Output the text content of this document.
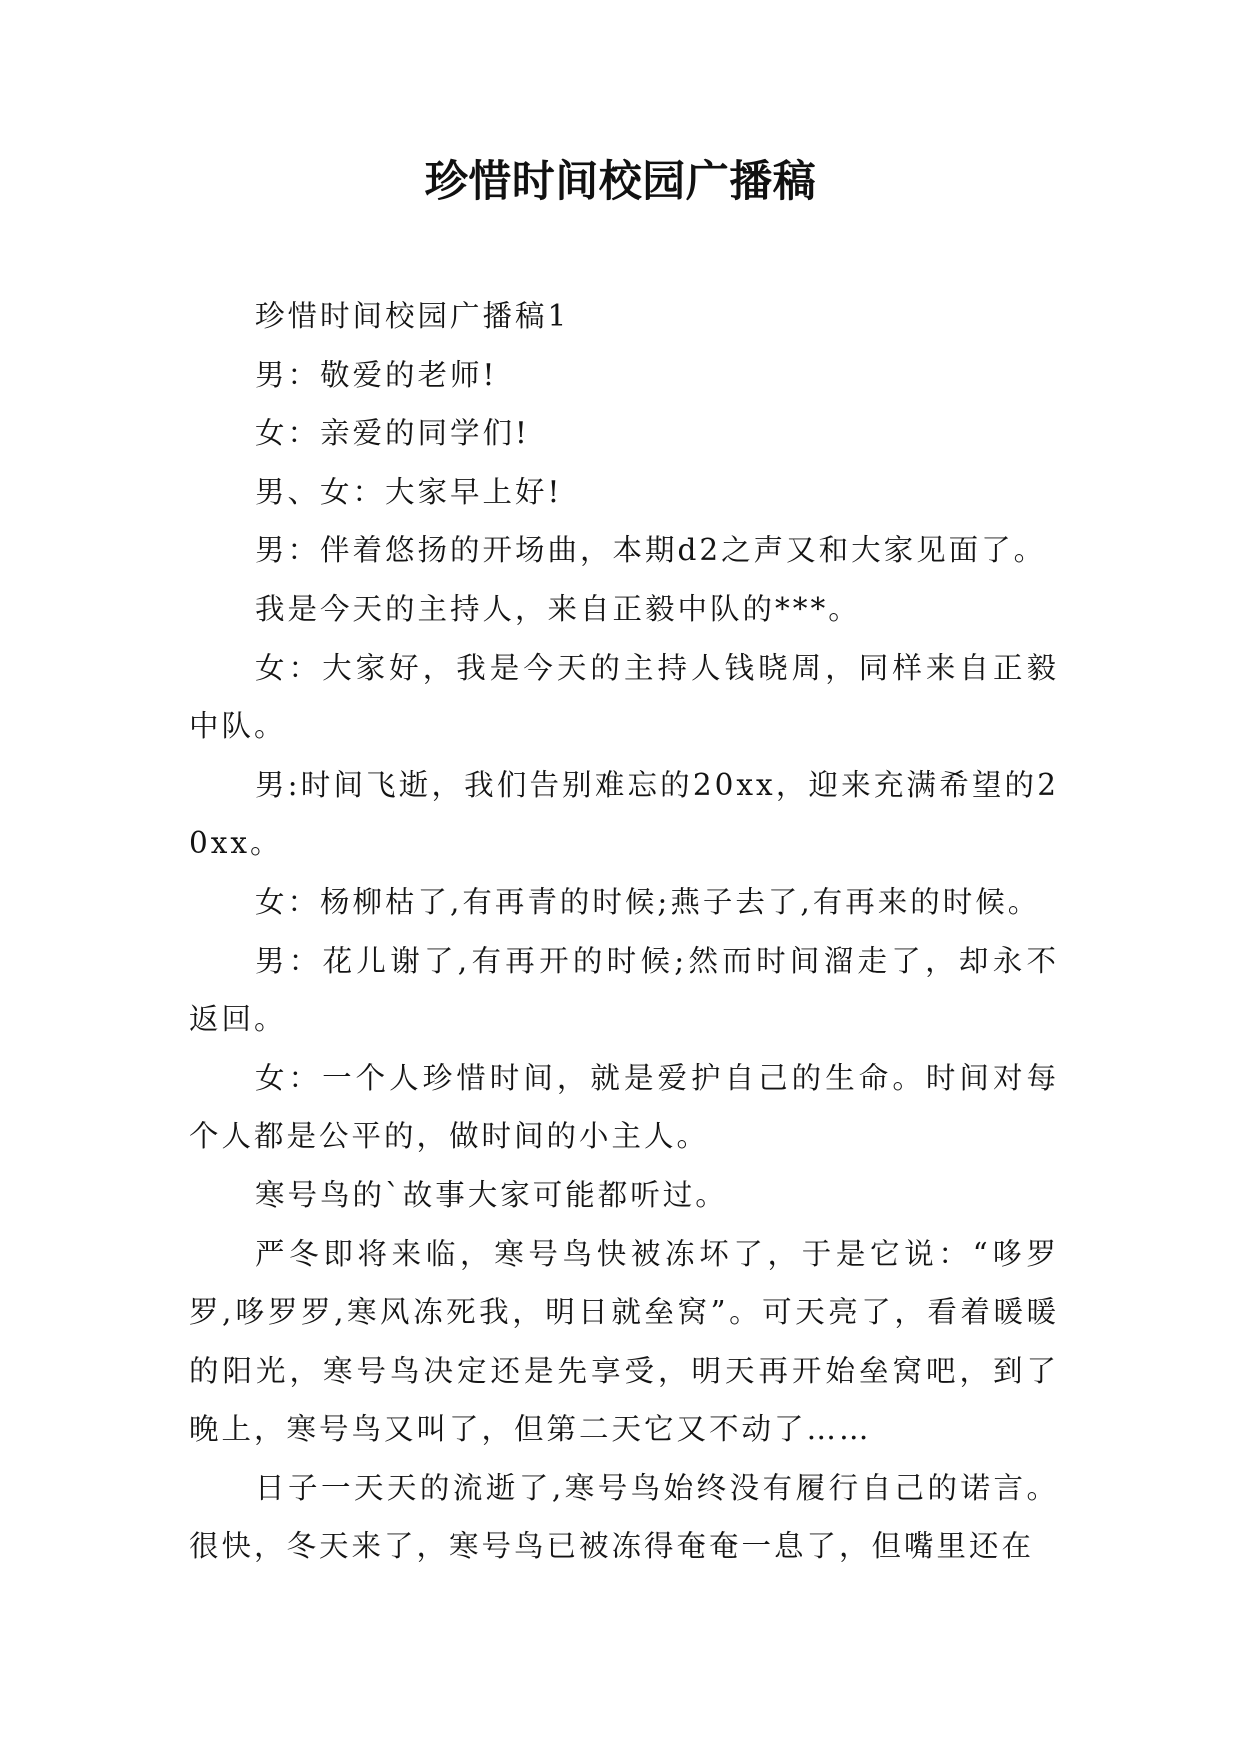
珍惜时间校园广播稿

珍惜时间校园广播稿1

男：敬爱的老师!

女：亲爱的同学们!

男、女：大家早上好!

男：伴着悠扬的开场曲，本期d2之声又和大家见面了。

我是今天的主持人，来自正毅中队的***。

女：大家好，我是今天的主持人钱晓周，同样来自正毅中队。

男:时间飞逝，我们告别难忘的20xx，迎来充满希望的20xx。

女：杨柳枯了,有再青的时候;燕子去了,有再来的时候。

男：花儿谢了,有再开的时候;然而时间溜走了，却永不返回。

女：一个人珍惜时间，就是爱护自己的生命。时间对每个人都是公平的，做时间的小主人。

寒号鸟的`故事大家可能都听过。

严冬即将来临，寒号鸟快被冻坏了，于是它说：“哆罗罗,哆罗罗,寒风冻死我，明日就垒窝”。可天亮了，看着暖暖的阳光，寒号鸟决定还是先享受，明天再开始垒窝吧，到了晚上，寒号鸟又叫了，但第二天它又不动了……

日子一天天的流逝了,寒号鸟始终没有履行自己的诺言。很快，冬天来了，寒号鸟已被冻得奄奄一息了，但嘴里还在
